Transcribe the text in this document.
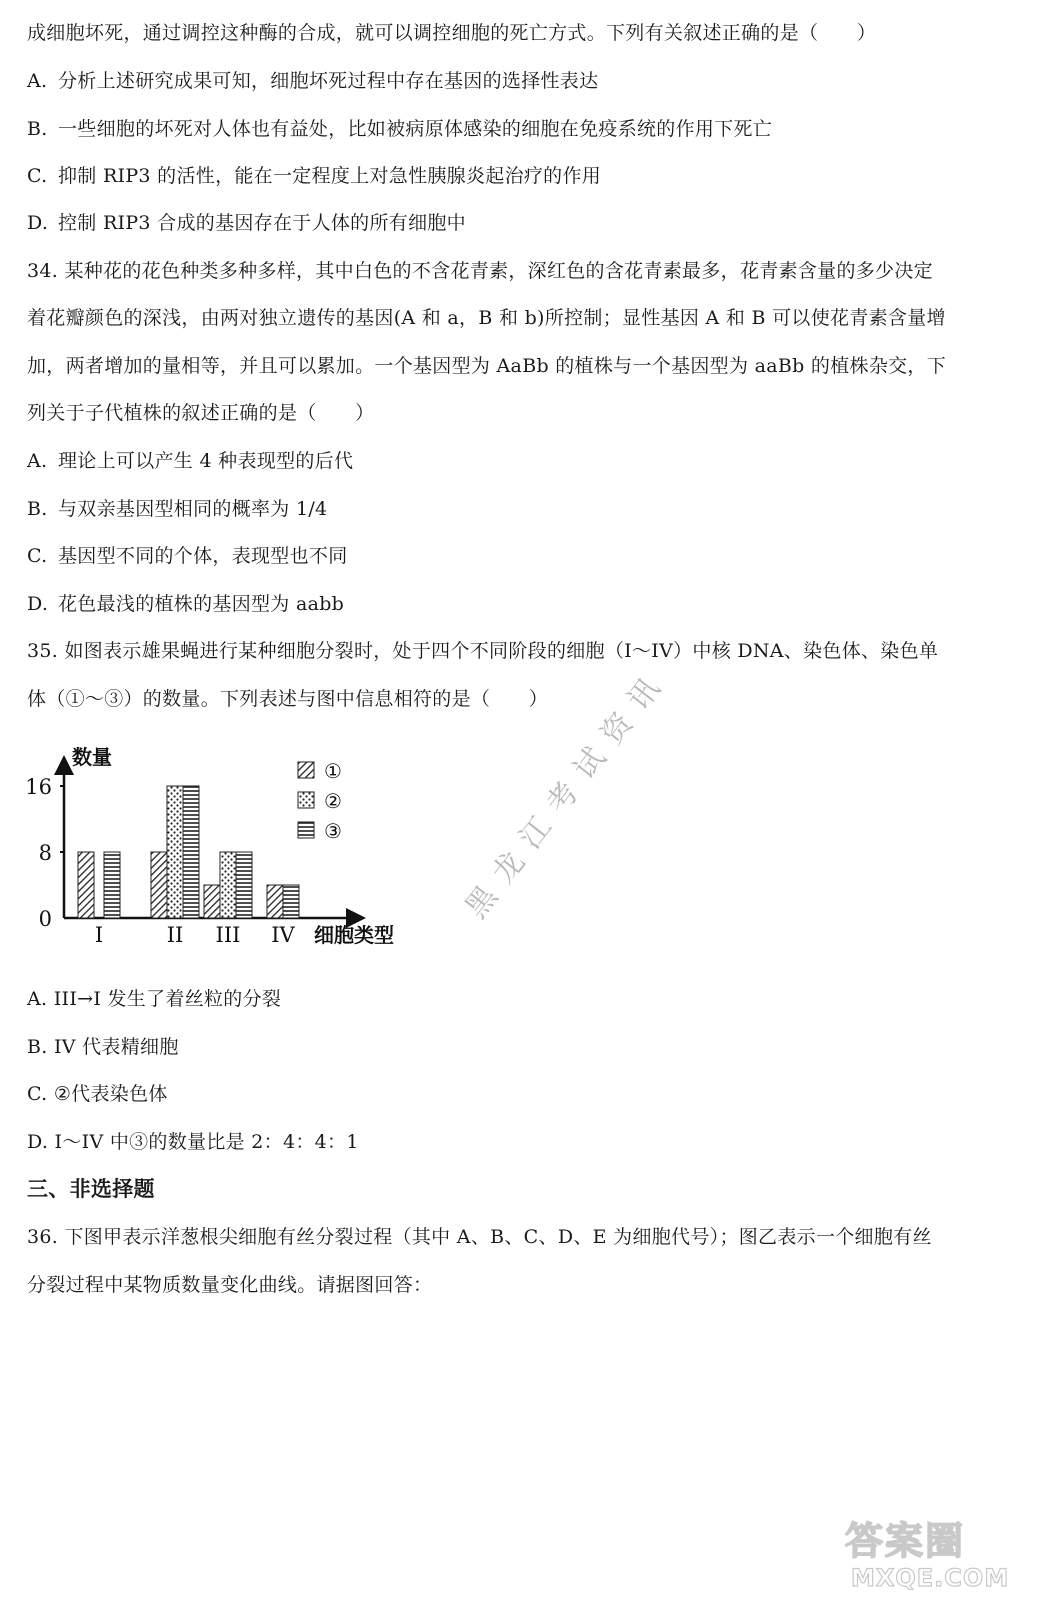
成细胞坏死，通过调控这种酶的合成，就可以调控细胞的死亡方式。下列有关叙述正确的是（　　）
A. 分析上述研究成果可知，细胞坏死过程中存在基因的选择性表达
B. 一些细胞的坏死对人体也有益处，比如被病原体感染的细胞在免疫系统的作用下死亡
C. 抑制 RIP3 的活性，能在一定程度上对急性胰腺炎起治疗的作用
D. 控制 RIP3 合成的基因存在于人体的所有细胞中
34. 某种花的花色种类多种多样，其中白色的不含花青素，深红色的含花青素最多，花青素含量的多少决定
着花瓣颜色的深浅，由两对独立遗传的基因(A 和 a，B 和 b)所控制；显性基因 A 和 B 可以使花青素含量增
加，两者增加的量相等，并且可以累加。一个基因型为 AaBb 的植株与一个基因型为 aaBb 的植株杂交，下
列关于子代植株的叙述正确的是（　　）
A. 理论上可以产生 4 种表现型的后代
B. 与双亲基因型相同的概率为 1/4
C. 基因型不同的个体，表现型也不同
D. 花色最浅的植株的基因型为 aabb
35. 如图表示雄果蝇进行某种细胞分裂时，处于四个不同阶段的细胞（I～IV）中核 DNA、染色体、染色单
体（①～③）的数量。下列表述与图中信息相符的是（　　）
A. III→I 发生了着丝粒的分裂
B. IV 代表精细胞
C. ②代表染色体
D. I～IV 中③的数量比是 2：4：4：1
三、非选择题
36. 下图甲表示洋葱根尖细胞有丝分裂过程（其中 A、B、C、D、E 为细胞代号）；图乙表示一个细胞有丝
分裂过程中某物质数量变化曲线。请据图回答：
①
②
③
0
8
16
数量
细胞类型
I	II III IV
黑龙江考试资讯
答案圈
MXQE.COM
